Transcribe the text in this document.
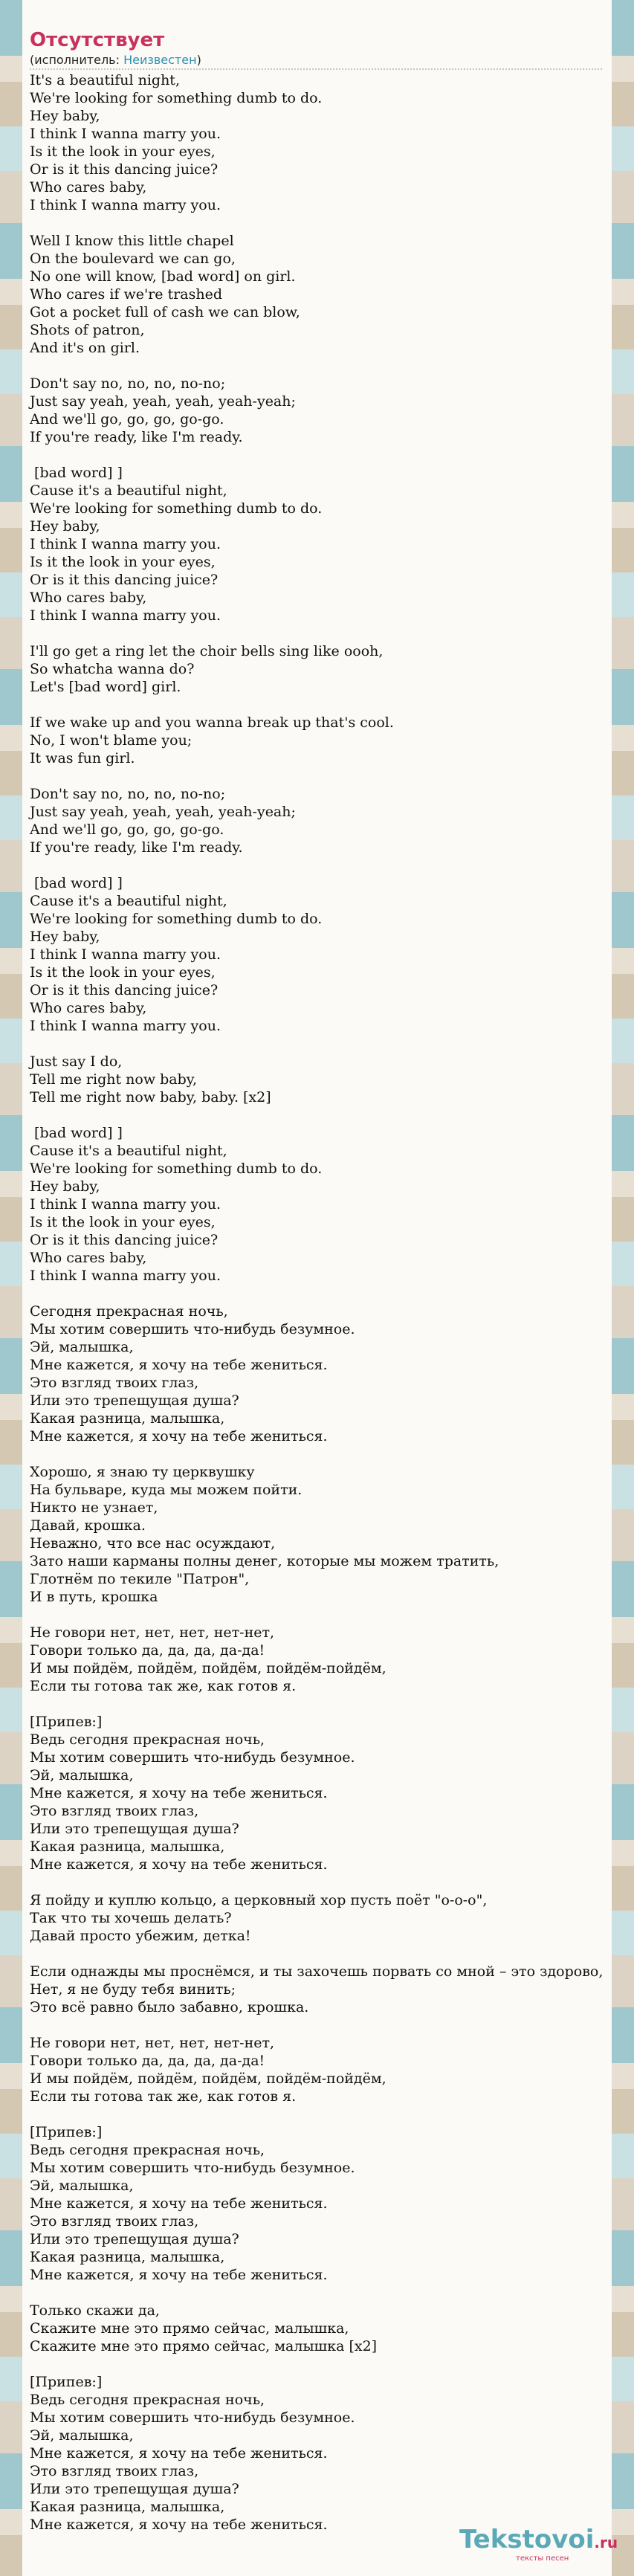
Отсутствует
(исполнитель: Неизвестен)
It's a beautiful night,
We're looking for something dumb to do.
Hey baby,
I think I wanna marry you.
Is it the look in your eyes,
Or is it this dancing juice?
Who cares baby,
I think I wanna marry you.
Well I know this little chapel
On the boulevard we can go,
No one will know, [bad word] on girl.
Who cares if we're trashed
Got a pocket full of cash we can blow,
Shots of patron,
And it's on girl.
Don't say no, no, no, no-no;
Just say yeah, yeah, yeah, yeah-yeah;
And we'll go, go, go, go-go.
If you're ready, like I'm ready.
[bad word] ]
Cause it's a beautiful night,
We're looking for something dumb to do.
Hey baby,
I think I wanna marry you.
Is it the look in your eyes,
Or is it this dancing juice?
Who cares baby,
I think I wanna marry you.
I'll go get a ring let the choir bells sing like oooh,
So whatcha wanna do?
Let's [bad word] girl.
If we wake up and you wanna break up that's cool.
No, I won't blame you;
It was fun girl.
Don't say no, no, no, no-no;
Just say yeah, yeah, yeah, yeah-yeah;
And we'll go, go, go, go-go.
If you're ready, like I'm ready.
[bad word] ]
Cause it's a beautiful night,
We're looking for something dumb to do.
Hey baby,
I think I wanna marry you.
Is it the look in your eyes,
Or is it this dancing juice?
Who cares baby,
I think I wanna marry you.
Just say I do,
Tell me right now baby,
Tell me right now baby, baby. [x2]
[bad word] ]
Cause it's a beautiful night,
We're looking for something dumb to do.
Hey baby,
I think I wanna marry you.
Is it the look in your eyes,
Or is it this dancing juice?
Who cares baby,
I think I wanna marry you.
Сегодня прекрасная ночь,
Мы хотим совершить что-нибудь безумное.
Эй, малышка,
Мне кажется, я хочу на тебе жениться.
Это взгляд твоих глаз,
Или это трепещущая душа?
Какая разница, малышка,
Мне кажется, я хочу на тебе жениться.
Хорошо, я знаю ту церквушку
На бульваре, куда мы можем пойти.
Никто не узнает,
Давай, крошка.
Неважно, что все нас осуждают,
Зато наши карманы полны денег, которые мы можем тратить,
Глотнём по текиле "Патрон",
И в путь, крошка
Не говори нет, нет, нет, нет-нет,
Говори только да, да, да, да-да!
И мы пойдём, пойдём, пойдём, пойдём-пойдём,
Если ты готова так же, как готов я.
[Припев:]
Ведь сегодня прекрасная ночь,
Мы хотим совершить что-нибудь безумное.
Эй, малышка,
Мне кажется, я хочу на тебе жениться.
Это взгляд твоих глаз,
Или это трепещущая душа?
Какая разница, малышка,
Мне кажется, я хочу на тебе жениться.
Я пойду и куплю кольцо, а церковный хор пусть поёт "о-о-о",
Так что ты хочешь делать?
Давай просто убежим, детка!
Если однажды мы проснёмся, и ты захочешь порвать со мной – это здорово,
Нет, я не буду тебя винить;
Это всё равно было забавно, крошка.
Не говори нет, нет, нет, нет-нет,
Говори только да, да, да, да-да!
И мы пойдём, пойдём, пойдём, пойдём-пойдём,
Если ты готова так же, как готов я.
[Припев:]
Ведь сегодня прекрасная ночь,
Мы хотим совершить что-нибудь безумное.
Эй, малышка,
Мне кажется, я хочу на тебе жениться.
Это взгляд твоих глаз,
Или это трепещущая душа?
Какая разница, малышка,
Мне кажется, я хочу на тебе жениться.
Только скажи да,
Скажите мне это прямо сейчас, малышка,
Скажите мне это прямо сейчас, малышка [x2]
[Припев:]
Ведь сегодня прекрасная ночь,
Мы хотим совершить что-нибудь безумное.
Эй, малышка,
Мне кажется, я хочу на тебе жениться.
Это взгляд твоих глаз,
Или это трепещущая душа?
Какая разница, малышка,
Мне кажется, я хочу на тебе жениться.	Tekstovoi.ru
тексты песен
